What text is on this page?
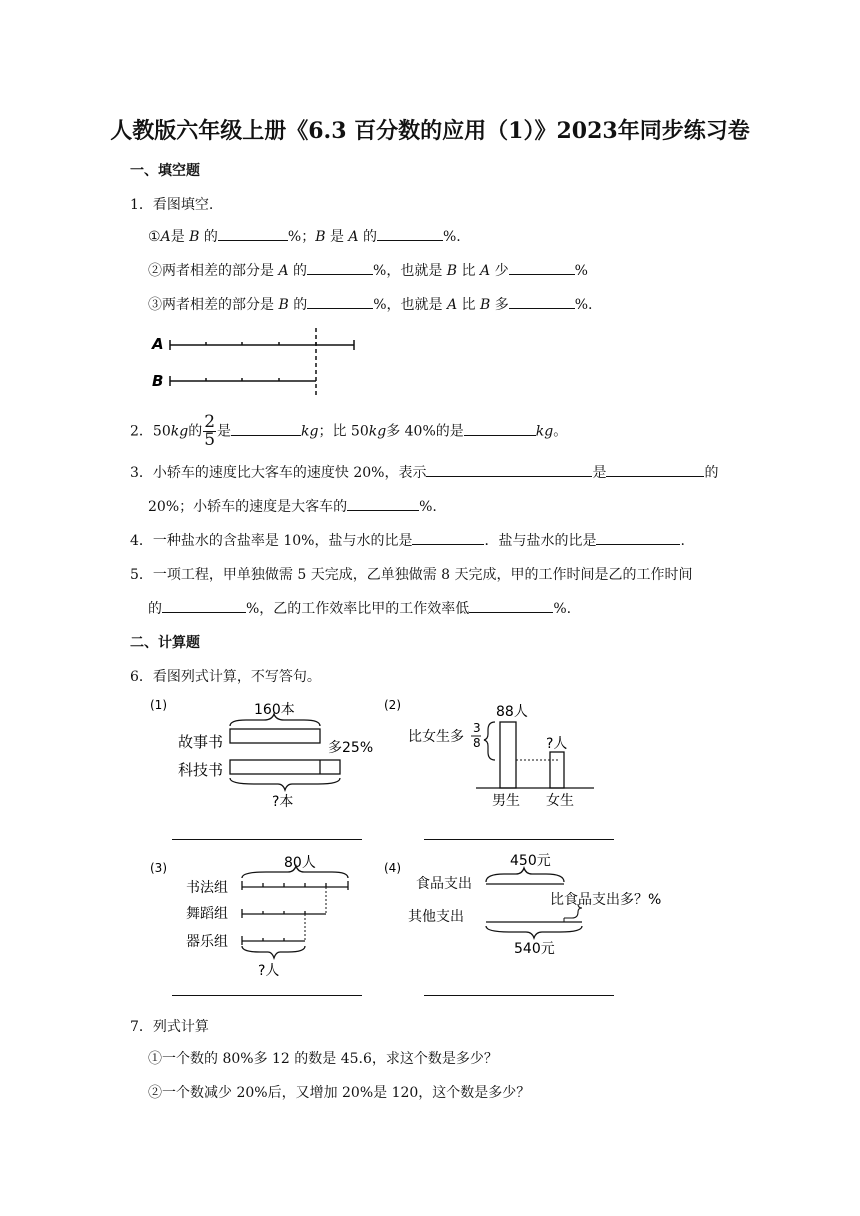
人教版六年级上册《6.3 百分数的应用（1）》2023年同步练习卷
一、填空题
1．看图填空.
①A是 B 的	%；B 是 A 的	%.
②两者相差的部分是 A 的	%，也就是 B 比 A 少	%
③两者相差的部分是 B 的	%，也就是 A 比 B 多	%.
A
B
2．50kg的 $\frac{2}{5}$ 是	kg；比 50kg多 40%的是	kg。
3．小轿车的速度比大客车的速度快 20%，表示	是	的
20%；小轿车的速度是大客车的	%.
4．一种盐水的含盐率是 10%，盐与水的比是	．盐与盐水的比是	.
5．一项工程，甲单独做需 5 天完成，乙单独做需 8 天完成，甲的工作时间是乙的工作时间
的	%，乙的工作效率比甲的工作效率低	%.
二、计算题
6．看图列式计算，不写答句。
(1)	160本
故事书	多25%
科技书
?本
(2)	88人
比女生多
3
8	?人
男生 女生
(3)	80人
书法组
舞蹈组
器乐组
?人
(4)	450元
食品支出
比食品支出多？%
其他支出
540元
7．列式计算
①一个数的 80%多 12 的数是 45.6，求这个数是多少？
②一个数减少 20%后，又增加 20%是 120，这个数是多少？
